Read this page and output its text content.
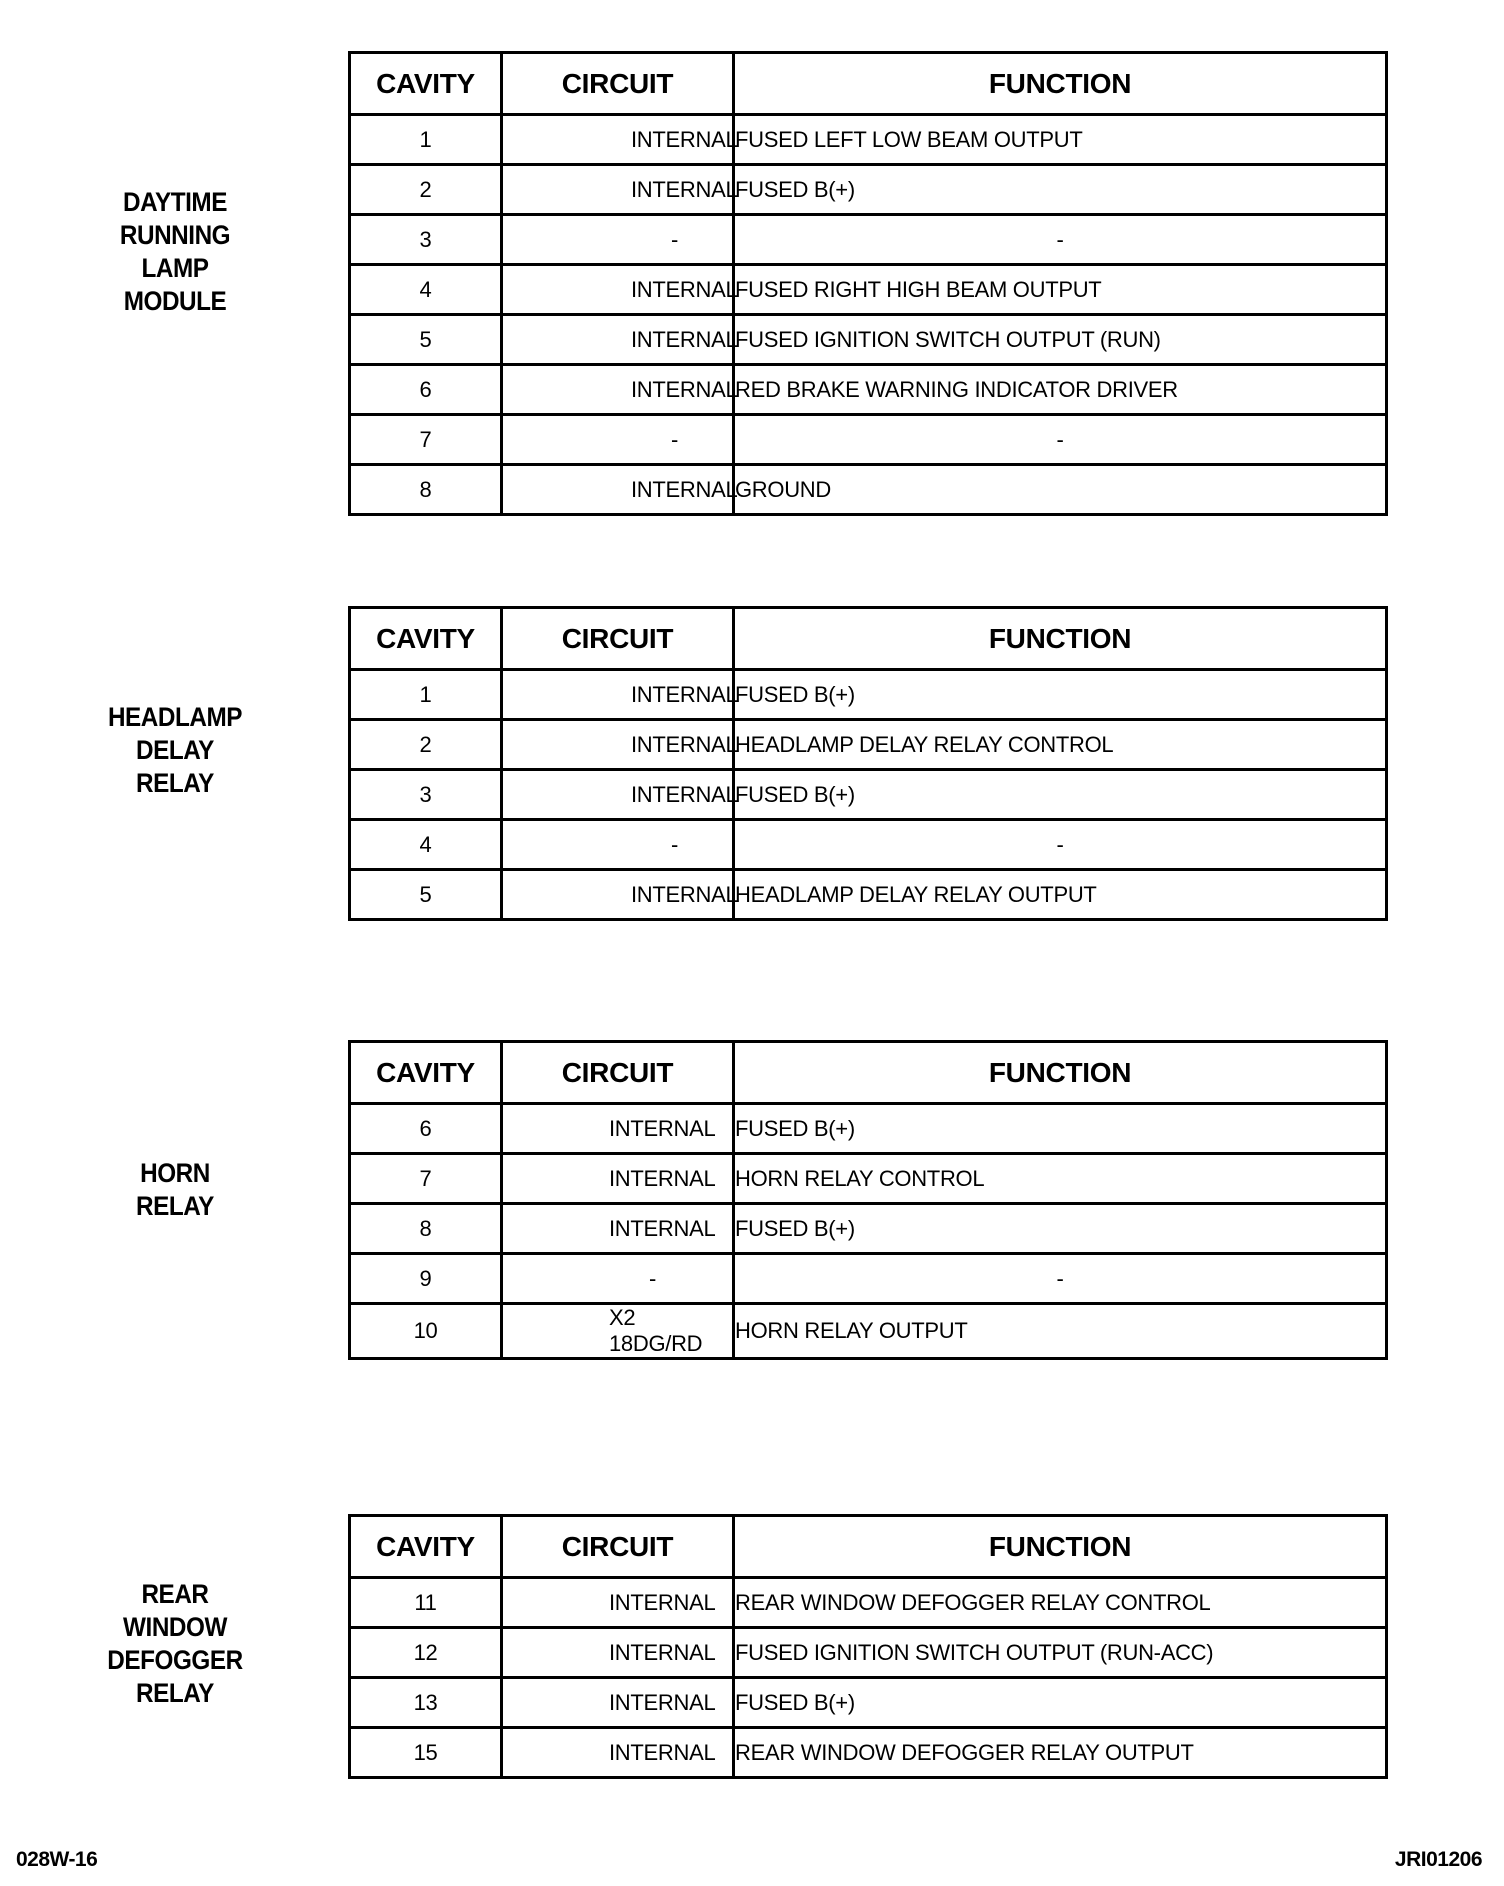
DAYTIME
RUNNING
LAMP
MODULE
HEADLAMP
DELAY
RELAY
HORN
RELAY
REAR
WINDOW
DEFOGGER
RELAY
CAVITY	CIRCUIT	FUNCTION
1	INTERNAL	FUSED LEFT LOW BEAM OUTPUT
2	INTERNAL	FUSED B(+)
3	-	-
4	INTERNAL	FUSED RIGHT HIGH BEAM OUTPUT
5	INTERNAL	FUSED IGNITION SWITCH OUTPUT (RUN)
6	INTERNAL	RED BRAKE WARNING INDICATOR DRIVER
7	-	-
8	INTERNAL	GROUND
CAVITY	CIRCUIT	FUNCTION
1	INTERNAL	FUSED B(+)
2	INTERNAL	HEADLAMP DELAY RELAY CONTROL
3	INTERNAL	FUSED B(+)
4	-	-
5	INTERNAL	HEADLAMP DELAY RELAY OUTPUT
CAVITY	CIRCUIT	FUNCTION
6	INTERNAL	FUSED B(+)
7	INTERNAL	HORN RELAY CONTROL
8	INTERNAL	FUSED B(+)
9	-	-
10	X2 18DG/RD	HORN RELAY OUTPUT
CAVITY	CIRCUIT	FUNCTION
11	INTERNAL	REAR WINDOW DEFOGGER RELAY CONTROL
12	INTERNAL	FUSED IGNITION SWITCH OUTPUT (RUN-ACC)
13	INTERNAL	FUSED B(+)
15	INTERNAL	REAR WINDOW DEFOGGER RELAY OUTPUT
028W-16	JRI01206
